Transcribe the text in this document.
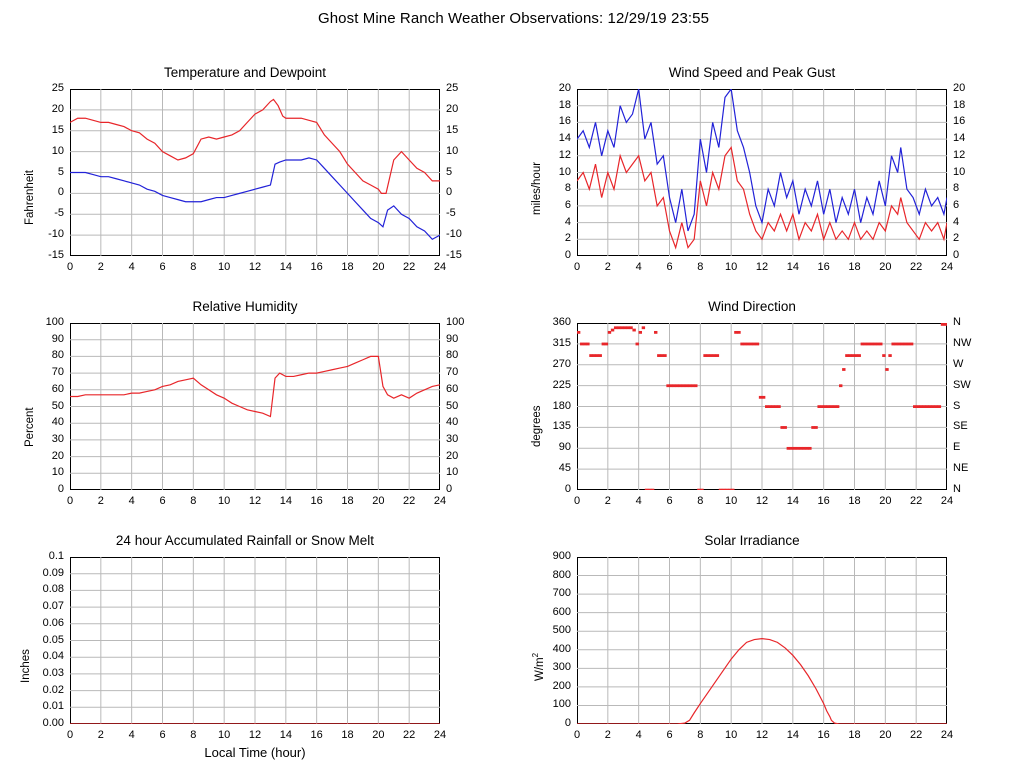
Ghost Mine Ranch Weather Observations: 12/29/19 23:55
Temperature and Dewpoint
Fahrenheit
-15
-10
-5
0
5
10
15
20
25
-15
-10
-5
0
5
10
15
20
25
0	2	4	6	8	10	12	14	16	18	20	22	24
Wind Speed and Peak Gust
miles/hour
0
2
4
6
8
10
12
14
16
18
20
0
2
4
6
8
10
12
14
16
18
20
0	2	4	6	8	10	12	14	16	18	20	22	24
Relative Humidity
Percent
0
10
20
30
40
50
60
70
80
90
100
0
10
20
30
40
50
60
70
80
90
100
0	2	4	6	8	10	12	14	16	18	20	22	24
Wind Direction
degrees
0
45
90
135
180
225
270
315
360
N
NE
E
SE
S
SW
W
NW
N
0	2	4	6	8	10	12	14	16	18	20	22	24
24 hour Accumulated Rainfall or Snow Melt
Inches
Local Time (hour)
0.00
0.01
0.02
0.03
0.04
0.05
0.06
0.07
0.08
0.09
0.1
0	2	4	6	8	10	12	14	16	18	20	22	24
Solar Irradiance
$W/m^2$
0
100
200
300
400
500
600
700
800
900
0	2	4	6	8	10	12	14	16	18	20	22	24
